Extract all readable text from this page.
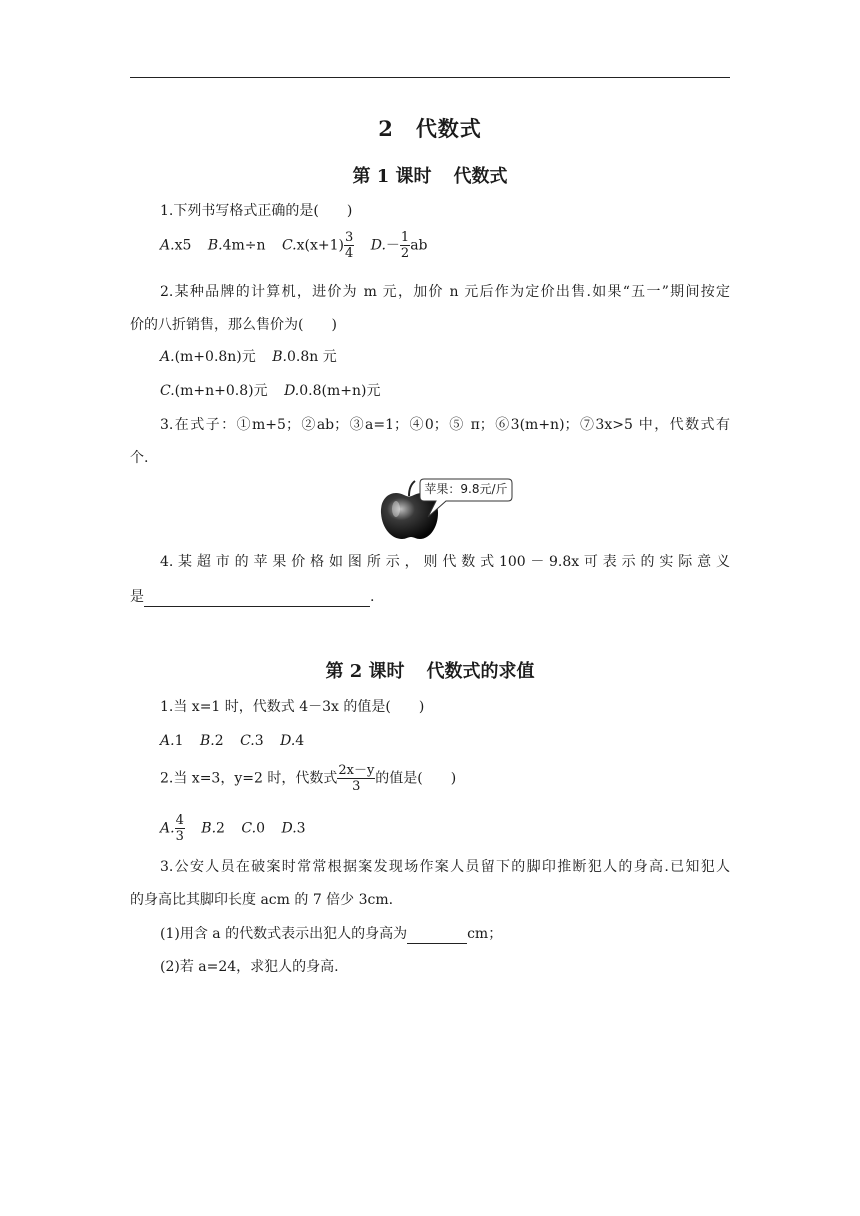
2 代数式
第 1 课时 代数式
1.下列书写格式正确的是(　　)
A.x5 B.4m÷n $C.x(x+1) \frac{3}{4} D.- \frac{1}{2}$ ab
2.某种品牌的计算机，进价为 m 元，加价 n 元后作为定价出售.如果“五一”期间按定
价的八折销售，那么售价为(　　)
A.(m+0.8n)元 B.0.8n 元
C.(m+n+0.8)元 D.0.8(m+n)元
3.在式子：①m+5；②ab；③a=1；④0；⑤ π；⑥3(m+n)；⑦3x>5 中，代数式有
个.
苹果：9.8元/斤
4. 某 超 市 的 苹 果 价 格 如 图 所 示 ， 则 代 数 式 100 － 9.8x 可 表 示 的 实 际 意 义
是	.
第 2 课时 代数式的求值
1.当 x=1 时，代数式 4－3x 的值是(　　)
A.1 B.2 C.3 D.4
2.当 x=3，y=2 时，代数式 $\frac{2x-y}{3}$ 的值是(　　)
A. $\frac{4}{3} B.2$ C.0 D.3
3.公安人员在破案时常常根据案发现场作案人员留下的脚印推断犯人的身高.已知犯人
的身高比其脚印长度 acm 的 7 倍少 3cm.
(1)用含 a 的代数式表示出犯人的身高为	cm；
(2)若 a=24，求犯人的身高.
